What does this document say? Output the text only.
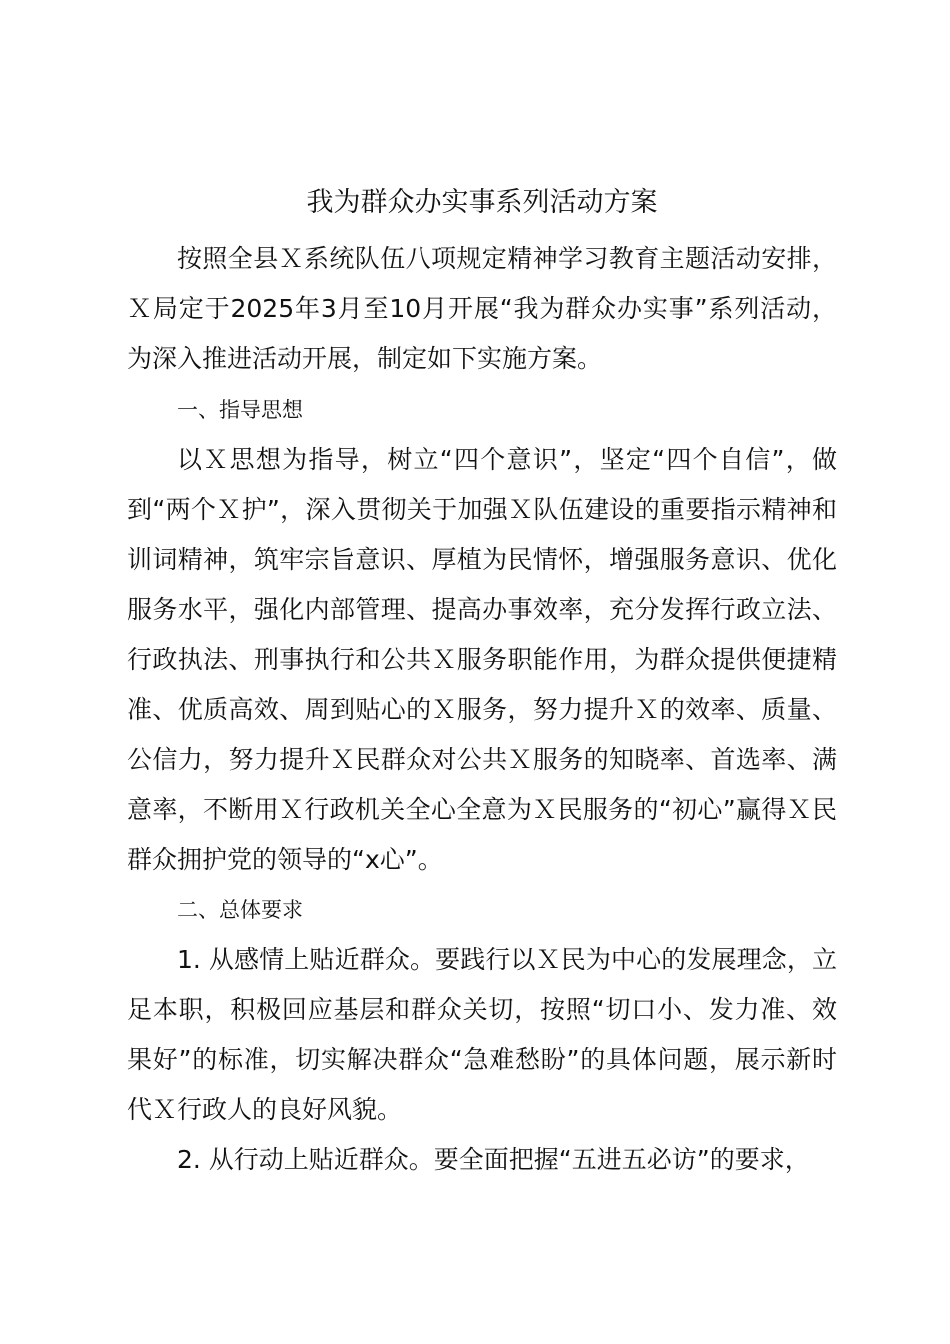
我为群众办实事系列活动方案

按照全县Ｘ系统队伍八项规定精神学习教育主题活动安排，Ｘ局定于2025年3月至10月开展“我为群众办实事”系列活动，为深入推进活动开展，制定如下实施方案。

一、指导思想

以Ｘ思想为指导，树立“四个意识”，坚定“四个自信”，做到“两个Ｘ护”，深入贯彻关于加强Ｘ队伍建设的重要指示精神和训词精神，筑牢宗旨意识、厚植为民情怀，增强服务意识、优化服务水平，强化内部管理、提高办事效率，充分发挥行政立法、行政执法、刑事执行和公共Ｘ服务职能作用，为群众提供便捷精准、优质高效、周到贴心的Ｘ服务，努力提升Ｘ的效率、质量、公信力，努力提升Ｘ民群众对公共Ｘ服务的知晓率、首选率、满意率，不断用Ｘ行政机关全心全意为Ｘ民服务的“初心”赢得Ｘ民群众拥护党的领导的“x心”。

二、总体要求

1. 从感情上贴近群众。要践行以Ｘ民为中心的发展理念，立足本职，积极回应基层和群众关切，按照“切口小、发力准、效果好”的标准，切实解决群众“急难愁盼”的具体问题，展示新时代Ｘ行政人的良好风貌。

2. 从行动上贴近群众。要全面把握“五进五必访”的要求，
